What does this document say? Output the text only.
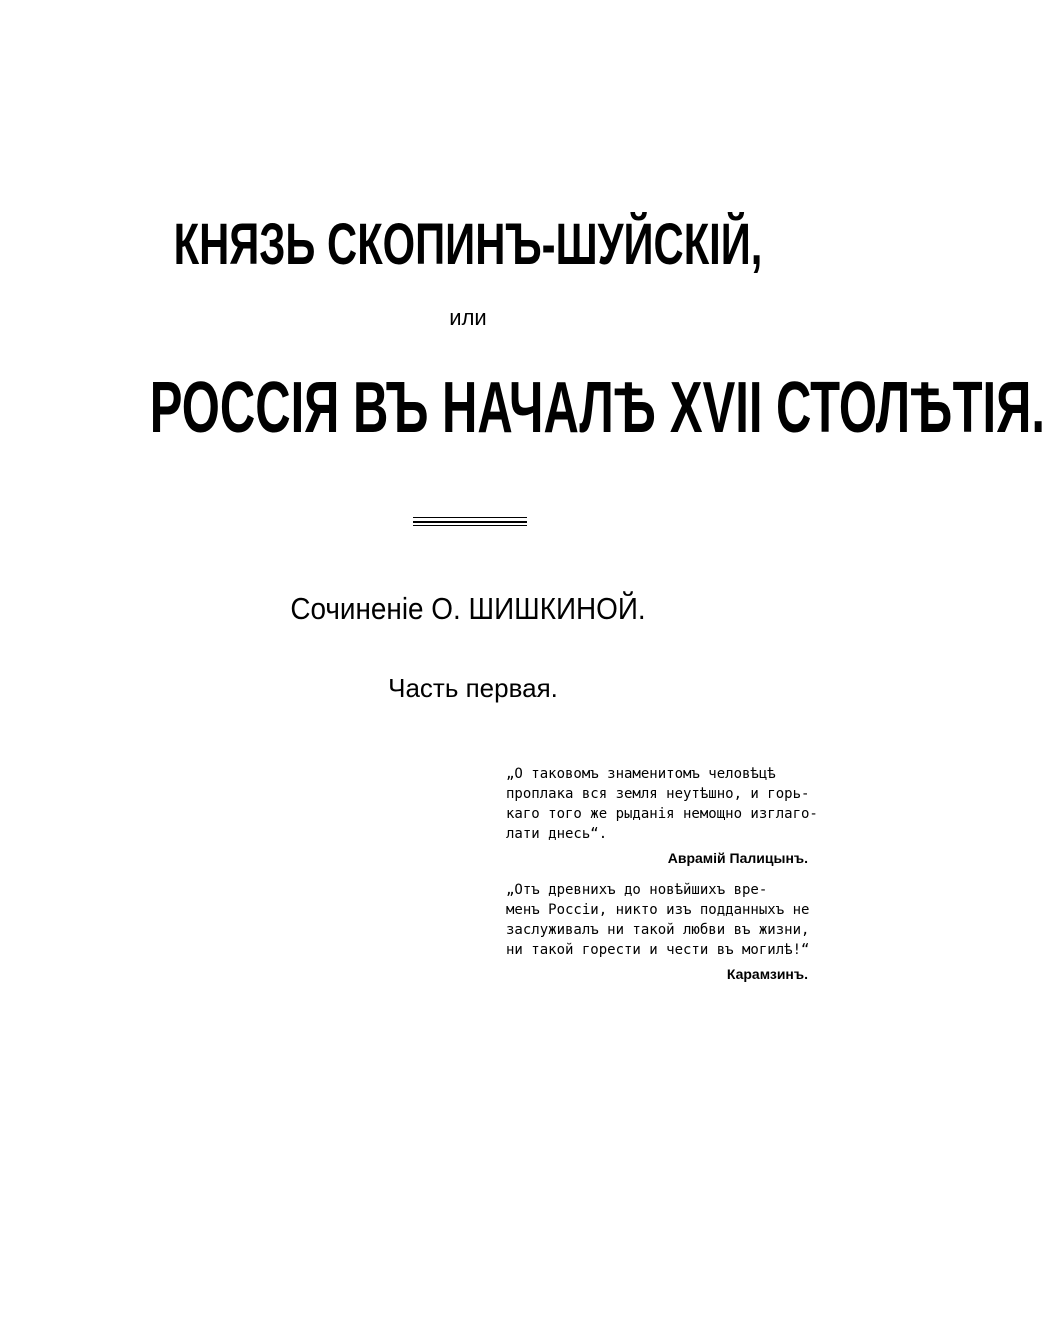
КНЯЗЬ СКОПИНЪ-ШУЙСКІЙ,
или
РОССІЯ ВЪ НАЧАЛѢ XVII СТОЛѢТІЯ.
Сочиненіе О. ШИШКИНОЙ.
Часть первая.
„О таковомъ знаменитомъ человѣцѣ
проплака вся земля неутѣшно, и горь-
каго того же рыданія немощно изглаго-
лати днесь“.
Аврамій Палицынъ.
„Отъ древнихъ до новѣйшихъ вре-
менъ Россіи, никто изъ подданныхъ не
заслуживалъ ни такой любви въ жизни,
ни такой горести и чести въ могилѣ!“
Карамзинъ.
